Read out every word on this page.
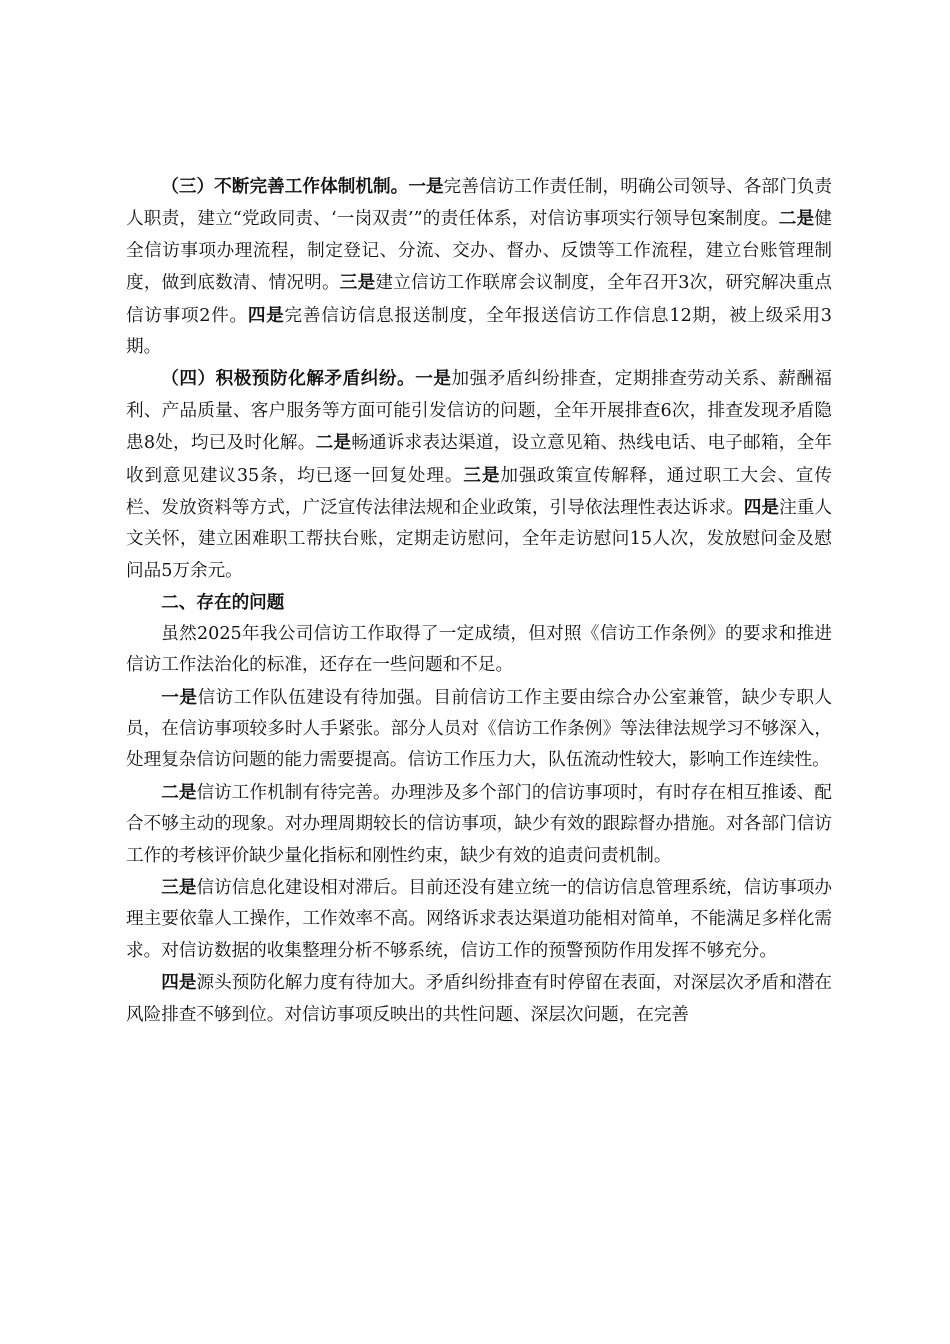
（三）不断完善工作体制机制。一是完善信访工作责任制，明确公司领导、各部门负责人职责，建立“党政同责、‘一岗双责’”的责任体系，对信访事项实行领导包案制度。二是健全信访事项办理流程，制定登记、分流、交办、督办、反馈等工作流程，建立台账管理制度，做到底数清、情况明。三是建立信访工作联席会议制度，全年召开3次，研究解决重点信访事项2件。四是完善信访信息报送制度，全年报送信访工作信息12期，被上级采用3期。

（四）积极预防化解矛盾纠纷。一是加强矛盾纠纷排查，定期排查劳动关系、薪酬福利、产品质量、客户服务等方面可能引发信访的问题，全年开展排查6次，排查发现矛盾隐患8处，均已及时化解。二是畅通诉求表达渠道，设立意见箱、热线电话、电子邮箱，全年收到意见建议35条，均已逐一回复处理。三是加强政策宣传解释，通过职工大会、宣传栏、发放资料等方式，广泛宣传法律法规和企业政策，引导依法理性表达诉求。四是注重人文关怀，建立困难职工帮扶台账，定期走访慰问，全年走访慰问15人次，发放慰问金及慰问品5万余元。

二、存在的问题

虽然2025年我公司信访工作取得了一定成绩，但对照《信访工作条例》的要求和推进信访工作法治化的标准，还存在一些问题和不足。

一是信访工作队伍建设有待加强。目前信访工作主要由综合办公室兼管，缺少专职人员，在信访事项较多时人手紧张。部分人员对《信访工作条例》等法律法规学习不够深入，处理复杂信访问题的能力需要提高。信访工作压力大，队伍流动性较大，影响工作连续性。

二是信访工作机制有待完善。办理涉及多个部门的信访事项时，有时存在相互推诿、配合不够主动的现象。对办理周期较长的信访事项，缺少有效的跟踪督办措施。对各部门信访工作的考核评价缺少量化指标和刚性约束，缺少有效的追责问责机制。

三是信访信息化建设相对滞后。目前还没有建立统一的信访信息管理系统，信访事项办理主要依靠人工操作，工作效率不高。网络诉求表达渠道功能相对简单，不能满足多样化需求。对信访数据的收集整理分析不够系统，信访工作的预警预防作用发挥不够充分。

四是源头预防化解力度有待加大。矛盾纠纷排查有时停留在表面，对深层次矛盾和潜在风险排查不够到位。对信访事项反映出的共性问题、深层次问题，在完善
